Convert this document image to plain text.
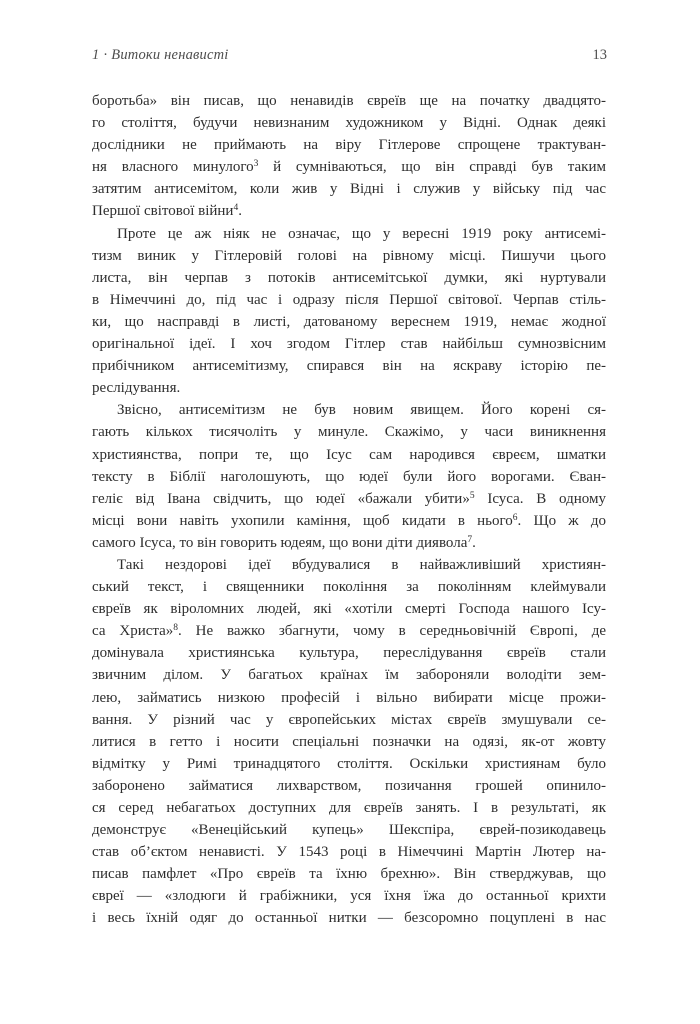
1 · Витоки ненависті	13
боротьба» він писав, що ненавидів євреїв ще на початку двадцято-
го століття, будучи невизнаним художником у Відні. Однак деякі
дослідники не приймають на віру Гітлерове спрощене трактуван-
ня власного минулого$^3$ й сумніваються, що він справді був таким
затятим антисемітом, коли жив у Відні і служив у війську під час
Першої світової війни$^4$.
Проте це аж ніяк не означає, що у вересні 1919 року антисемі-
тизм виник у Гітлеровій голові на рівному місці. Пишучи цього
листа, він черпав з потоків антисемітської думки, які нуртували
в Німеччині до, під час і одразу після Першої світової. Черпав стіль-
ки, що насправді в листі, датованому вереснем 1919, немає жодної
оригінальної ідеї. І хоч згодом Гітлер став найбільш сумнозвісним
прибічником антисемітизму, спирався він на яскраву історію пе-
реслідування.
Звісно, антисемітизм не був новим явищем. Його корені ся-
гають кількох тисячоліть у минуле. Скажімо, у часи виникнення
християнства, попри те, що Ісус сам народився євреєм, шматки
тексту в Біблії наголошують, що юдеї були його ворогами. Єван-
геліє від Івана свідчить, що юдеї «бажали убити»$^5$ Ісуса. В одному
місці вони навіть ухопили каміння, щоб кидати в нього$^6$. Що ж до
самого Ісуса, то він говорить юдеям, що вони діти диявола$^7$.
Такі нездорові ідеї вбудувалися в найважливіший християн-
ський текст, і священники покоління за поколінням клеймували
євреїв як віроломних людей, які «хотіли смерті Господа нашого Ісу-
са Христа»$^8$. Не важко збагнути, чому в середньовічній Європі, де
домінувала християнська культура, переслідування євреїв стали
звичним ділом. У багатьох країнах їм забороняли володіти зем-
лею, займатись низкою професій і вільно вибирати місце прожи-
вання. У різний час у європейських містах євреїв змушували се-
литися в гетто і носити спеціальні позначки на одязі, як-от жовту
відмітку у Римі тринадцятого століття. Оскільки християнам було
заборонено займатися лихварством, позичання грошей опинило-
ся серед небагатьох доступних для євреїв занять. І в результаті, як
демонструє «Венеційський купець» Шекспіра, єврей-позикодавець
став об’єктом ненависті. У 1543 році в Німеччині Мартін Лютер на-
писав памфлет «Про євреїв та їхню брехню». Він стверджував, що
євреї — «злодюги й грабіжники, уся їхня їжа до останньої крихти
і весь їхній одяг до останньої нитки — безсоромно поцуплені в нас
